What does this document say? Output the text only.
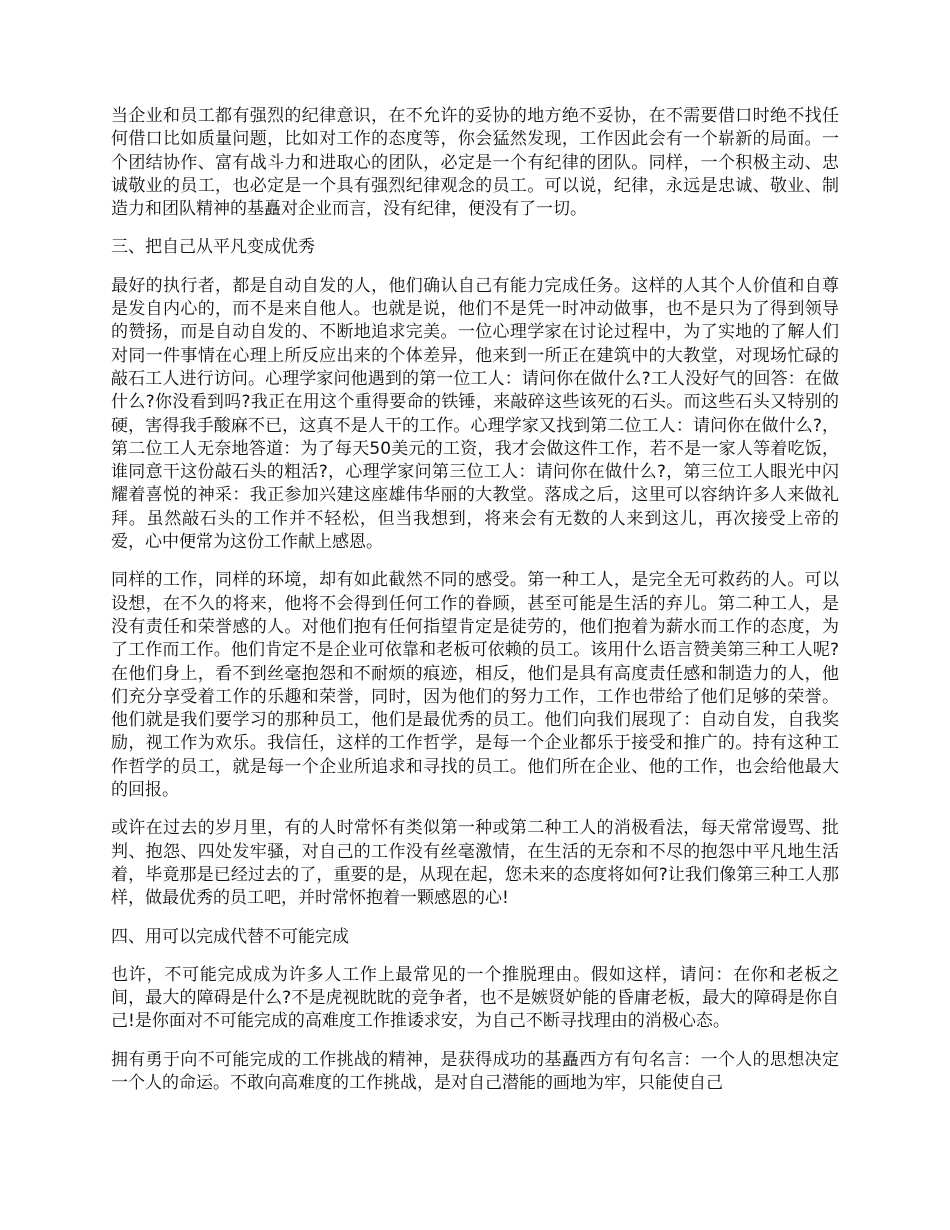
当企业和员工都有强烈的纪律意识，在不允许的妥协的地方绝不妥协，在不需要借口时绝不找任何借口比如质量问题，比如对工作的态度等，你会猛然发现，工作因此会有一个崭新的局面。一个团结协作、富有战斗力和进取心的团队，必定是一个有纪律的团队。同样，一个积极主动、忠诚敬业的员工，也必定是一个具有强烈纪律观念的员工。可以说，纪律，永远是忠诚、敬业、制造力和团队精神的基矗对企业而言，没有纪律，便没有了一切。

三、把自己从平凡变成优秀

最好的执行者，都是自动自发的人，他们确认自己有能力完成任务。这样的人其个人价值和自尊是发自内心的，而不是来自他人。也就是说，他们不是凭一时冲动做事，也不是只为了得到领导的赞扬，而是自动自发的、不断地追求完美。一位心理学家在讨论过程中，为了实地的了解人们对同一件事情在心理上所反应出来的个体差异，他来到一所正在建筑中的大教堂，对现场忙碌的敲石工人进行访问。心理学家问他遇到的第一位工人：请问你在做什么?工人没好气的回答：在做什么?你没看到吗?我正在用这个重得要命的铁锤，来敲碎这些该死的石头。而这些石头又特别的硬，害得我手酸麻不已，这真不是人干的工作。心理学家又找到第二位工人：请问你在做什么?，第二位工人无奈地答道：为了每天50美元的工资，我才会做这件工作，若不是一家人等着吃饭，谁同意干这份敲石头的粗活?，心理学家问第三位工人：请问你在做什么?，第三位工人眼光中闪耀着喜悦的神采：我正参加兴建这座雄伟华丽的大教堂。落成之后，这里可以容纳许多人来做礼拜。虽然敲石头的工作并不轻松，但当我想到，将来会有无数的人来到这儿，再次接受上帝的爱，心中便常为这份工作献上感恩。

同样的工作，同样的环境，却有如此截然不同的感受。第一种工人，是完全无可救药的人。可以设想，在不久的将来，他将不会得到任何工作的眷顾，甚至可能是生活的弃儿。第二种工人，是没有责任和荣誉感的人。对他们抱有任何指望肯定是徒劳的，他们抱着为薪水而工作的态度，为了工作而工作。他们肯定不是企业可依靠和老板可依赖的员工。该用什么语言赞美第三种工人呢?在他们身上，看不到丝毫抱怨和不耐烦的痕迹，相反，他们是具有高度责任感和制造力的人，他们充分享受着工作的乐趣和荣誉，同时，因为他们的努力工作，工作也带给了他们足够的荣誉。他们就是我们要学习的那种员工，他们是最优秀的员工。他们向我们展现了：自动自发，自我奖励，视工作为欢乐。我信任，这样的工作哲学，是每一个企业都乐于接受和推广的。持有这种工作哲学的员工，就是每一个企业所追求和寻找的员工。他们所在企业、他的工作，也会给他最大的回报。

或许在过去的岁月里，有的人时常怀有类似第一种或第二种工人的消极看法，每天常常谩骂、批判、抱怨、四处发牢骚，对自己的工作没有丝毫激情，在生活的无奈和不尽的抱怨中平凡地生活着，毕竟那是已经过去的了，重要的是，从现在起，您未来的态度将如何?让我们像第三种工人那样，做最优秀的员工吧，并时常怀抱着一颗感恩的心!

四、用可以完成代替不可能完成

也许，不可能完成成为许多人工作上最常见的一个推脱理由。假如这样，请问：在你和老板之间，最大的障碍是什么?不是虎视眈眈的竞争者，也不是嫉贤妒能的昏庸老板，最大的障碍是你自己!是你面对不可能完成的高难度工作推诿求安，为自己不断寻找理由的消极心态。

拥有勇于向不可能完成的工作挑战的精神，是获得成功的基矗西方有句名言：一个人的思想决定一个人的命运。不敢向高难度的工作挑战，是对自己潜能的画地为牢，只能使自己
